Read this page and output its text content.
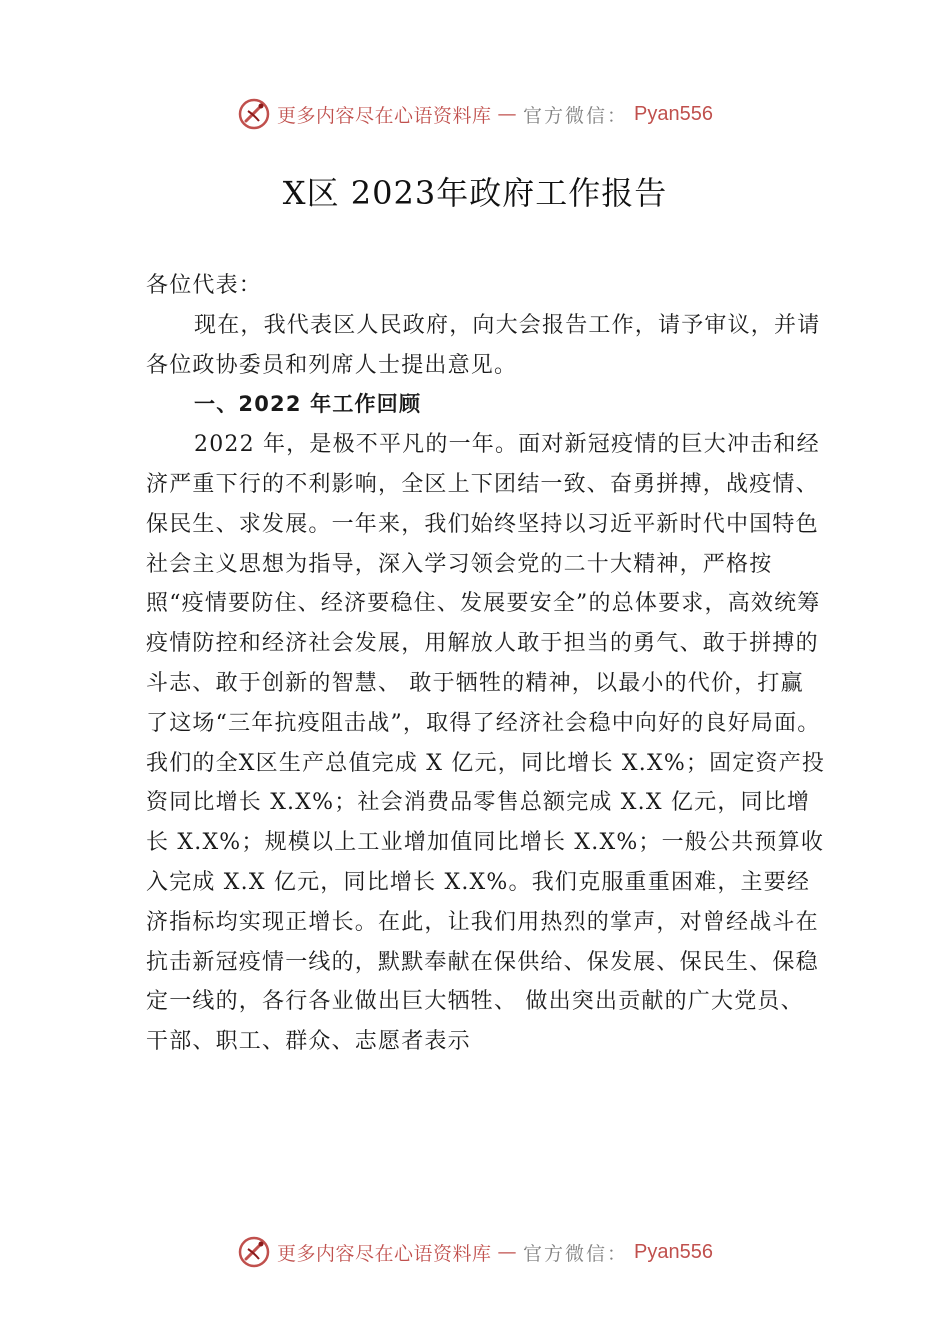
更多内容尽在心语资料库 — 官方微信： Pyan556
X区 2023年政府工作报告

各位代表：

现在，我代表区人民政府，向大会报告工作，请予审议，并请各位政协委员和列席人士提出意见。

一、2022 年工作回顾

2022 年，是极不平凡的一年。面对新冠疫情的巨大冲击和经济严重下行的不利影响，全区上下团结一致、奋勇拼搏，战疫情、保民生、求发展。一年来，我们始终坚持以习近平新时代中国特色社会主义思想为指导，深入学习领会党的二十大精神，严格按照“疫情要防住、经济要稳住、发展要安全”的总体要求，高效统筹疫情防控和经济社会发展，用解放人敢于担当的勇气、敢于拼搏的斗志、敢于创新的智慧、 敢于牺牲的精神，以最小的代价，打赢了这场“三年抗疫阻击战”，取得了经济社会稳中向好的良好局面。我们的全X区生产总值完成 X 亿元，同比增长 X.X%；固定资产投资同比增长 X.X%；社会消费品零售总额完成 X.X 亿元，同比增长 X.X%；规模以上工业增加值同比增长 X.X%；一般公共预算收入完成 X.X 亿元，同比增长 X.X%。我们克服重重困难，主要经济指标均实现正增长。在此，让我们用热烈的掌声，对曾经战斗在抗击新冠疫情一线的，默默奉献在保供给、保发展、保民生、保稳定一线的，各行各业做出巨大牺牲、 做出突出贡献的广大党员、干部、职工、群众、志愿者表示

更多内容尽在心语资料库 — 官方微信： Pyan556
